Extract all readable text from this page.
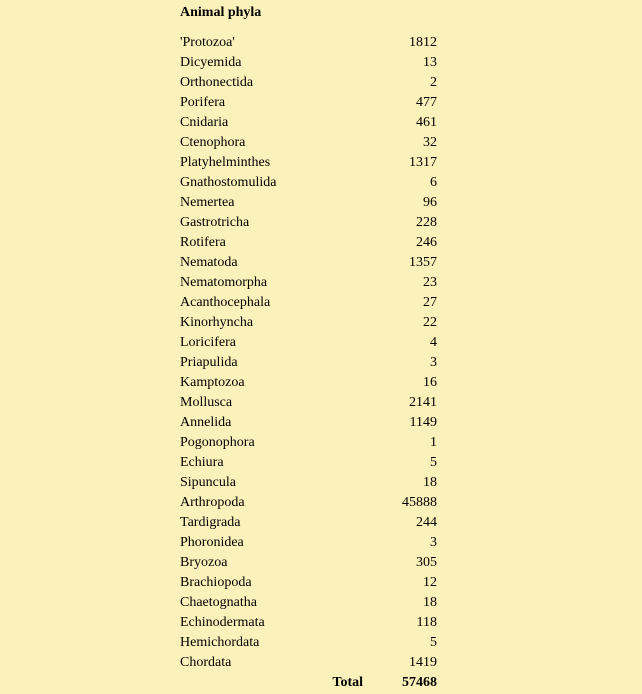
Animal phyla
'Protozoa'	1812
Dicyemida	13
Orthonectida	2
Porifera	477
Cnidaria	461
Ctenophora	32
Platyhelminthes	1317
Gnathostomulida	6
Nemertea	96
Gastrotricha	228
Rotifera	246
Nematoda	1357
Nematomorpha	23
Acanthocephala	27
Kinorhyncha	22
Loricifera	4
Priapulida	3
Kamptozoa	16
Mollusca	2141
Annelida	1149
Pogonophora	1
Echiura	5
Sipuncula	18
Arthropoda	45888
Tardigrada	244
Phoronidea	3
Bryozoa	305
Brachiopoda	12
Chaetognatha	18
Echinodermata	118
Hemichordata	5
Chordata	1419
Total	57468
